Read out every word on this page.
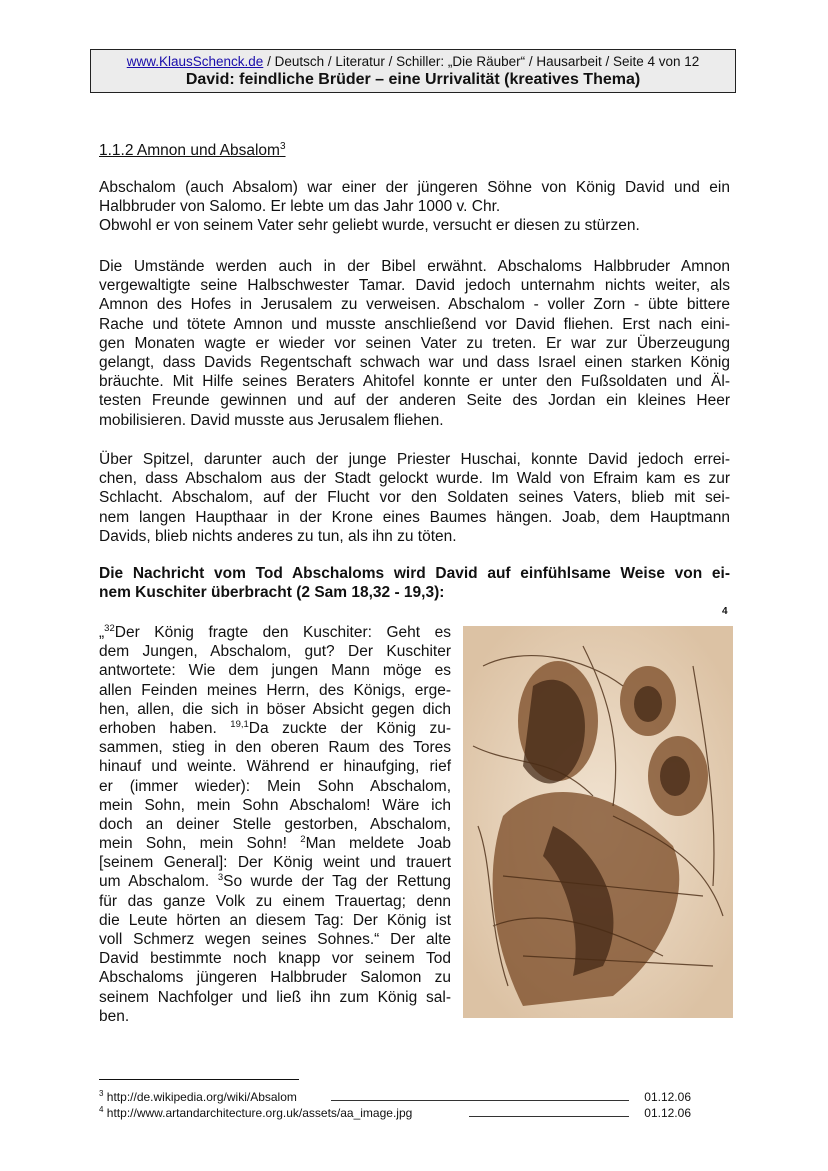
www.KlausSchenck.de / Deutsch / Literatur / Schiller: „Die Räuber“ / Hausarbeit / Seite 4 von 12
David: feindliche Brüder – eine Urrivalität (kreatives Thema)
1.1.2 Amnon und Absalom$^3$
Abschalom (auch Absalom) war einer der jüngeren Söhne von König David und ein
Halbbruder von Salomo. Er lebte um das Jahr 1000 v. Chr.
Obwohl er von seinem Vater sehr geliebt wurde, versucht er diesen zu stürzen.
Die Umstände werden auch in der Bibel erwähnt. Abschaloms Halbbruder Amnon
vergewaltigte seine Halbschwester Tamar. David jedoch unternahm nichts weiter, als
Amnon des Hofes in Jerusalem zu verweisen. Abschalom - voller Zorn - übte bittere
Rache und tötete Amnon und musste anschließend vor David fliehen. Erst nach eini-
gen Monaten wagte er wieder vor seinen Vater zu treten. Er war zur Überzeugung
gelangt, dass Davids Regentschaft schwach war und dass Israel einen starken König
bräuchte. Mit Hilfe seines Beraters Ahitofel konnte er unter den Fußsoldaten und Äl-
testen Freunde gewinnen und auf der anderen Seite des Jordan ein kleines Heer
mobilisieren. David musste aus Jerusalem fliehen.
Über Spitzel, darunter auch der junge Priester Huschai, konnte David jedoch errei-
chen, dass Abschalom aus der Stadt gelockt wurde. Im Wald von Efraim kam es zur
Schlacht. Abschalom, auf der Flucht vor den Soldaten seines Vaters, blieb mit sei-
nem langen Haupthaar in der Krone eines Baumes hängen. Joab, dem Hauptmann
Davids, blieb nichts anderes zu tun, als ihn zu töten.
Die Nachricht vom Tod Abschaloms wird David auf einfühlsame Weise von ei-
nem Kuschiter überbracht (2 Sam 18,32 - 19,3):
4
„$^{32}$Der König fragte den Kuschiter: Geht es
dem Jungen, Abschalom, gut? Der Kuschiter
antwortete: Wie dem jungen Mann möge es
allen Feinden meines Herrn, des Königs, erge-
hen, allen, die sich in böser Absicht gegen dich
erhoben haben. $^{19,1}$Da zuckte der König zu-
sammen, stieg in den oberen Raum des Tores
hinauf und weinte. Während er hinaufging, rief
er (immer wieder): Mein Sohn Abschalom,
mein Sohn, mein Sohn Abschalom! Wäre ich
doch an deiner Stelle gestorben, Abschalom,
mein Sohn, mein Sohn! $^2$Man meldete Joab
[seinem General]: Der König weint und trauert
um Abschalom. $^3$So wurde der Tag der Rettung
für das ganze Volk zu einem Trauertag; denn
die Leute hörten an diesem Tag: Der König ist
voll Schmerz wegen seines Sohnes.“ Der alte
David bestimmte noch knapp vor seinem Tod
Abschaloms jüngeren Halbbruder Salomon zu
seinem Nachfolger und ließ ihn zum König sal-
ben.
$^3$ http://de.wikipedia.org/wiki/Absalom	01.12.06
$^4$ http://www.artandarchitecture.org.uk/assets/aa_image.jpg	01.12.06
